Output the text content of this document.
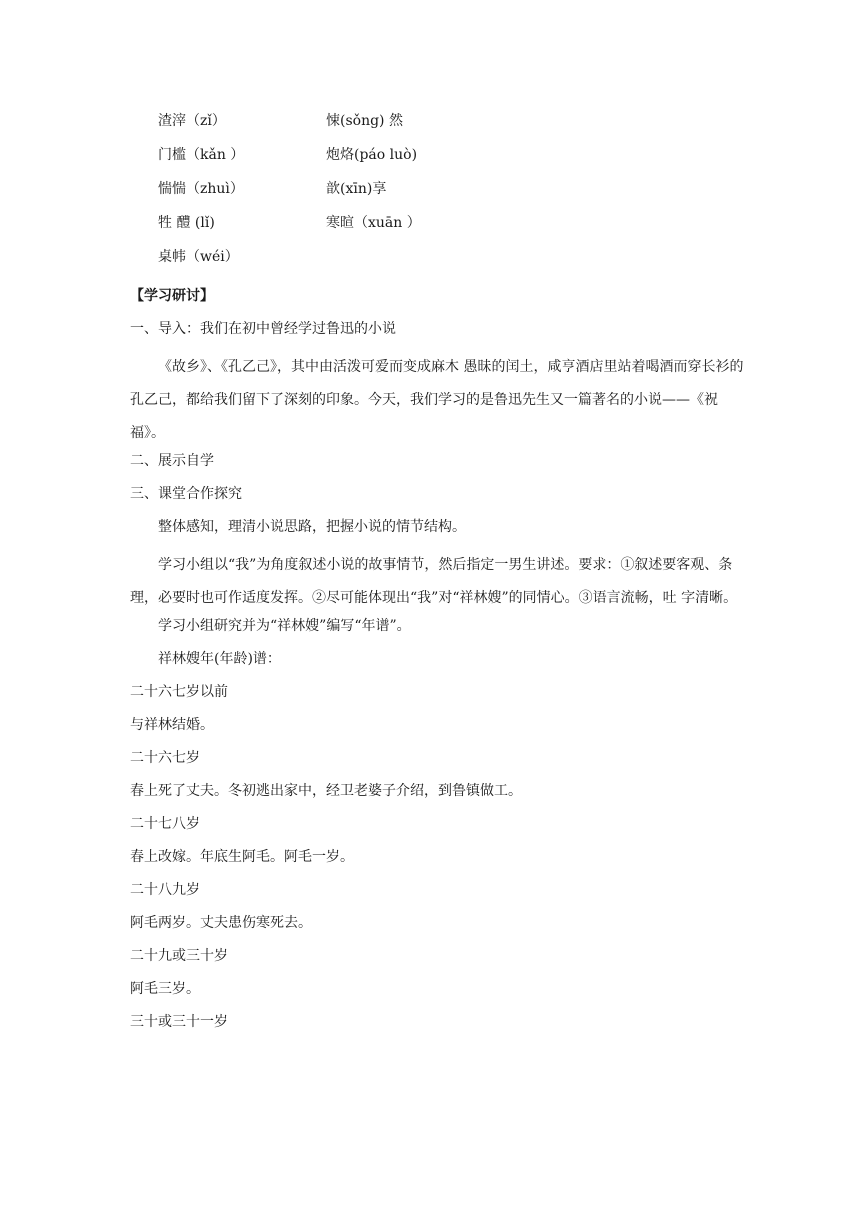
渣滓（zǐ）	悚(sǒng) 然
门槛（kǎn ）	炮烙(páo luò)
惴惴（zhuì）	歆(xīn)享
牲 醴 (lǐ)	寒暄（xuān ）
桌帏（wéi）
【学习研讨】
一、导入：我们在初中曾经学过鲁迅的小说

《故乡》、《孔乙己》，其中由活泼可爱而变成麻木 愚昧的闰土，咸亨酒店里站着喝酒而穿长衫的孔乙己，都给我们留下了深刻的印象。今天，我们学习的是鲁迅先生又一篇著名的小说——《祝福》。

二、展示自学
三、课堂合作探究
整体感知，理清小说思路，把握小说的情节结构。

学习小组以“我”为角度叙述小说的故事情节，然后指定一男生讲述。要求：①叙述要客观、条理，必要时也可作适度发挥。②尽可能体现出“我”对“祥林嫂”的同情心。③语言流畅，吐 字清晰。

学习小组研究并为“祥林嫂”编写“年谱”。
祥林嫂年(年龄)谱：
二十六七岁以前
与祥林结婚。
二十六七岁
春上死了丈夫。冬初逃出家中，经卫老婆子介绍，到鲁镇做工。
二十七八岁
春上改嫁。年底生阿毛。阿毛一岁。
二十八九岁
阿毛两岁。丈夫患伤寒死去。
二十九或三十岁
阿毛三岁。
三十或三十一岁
